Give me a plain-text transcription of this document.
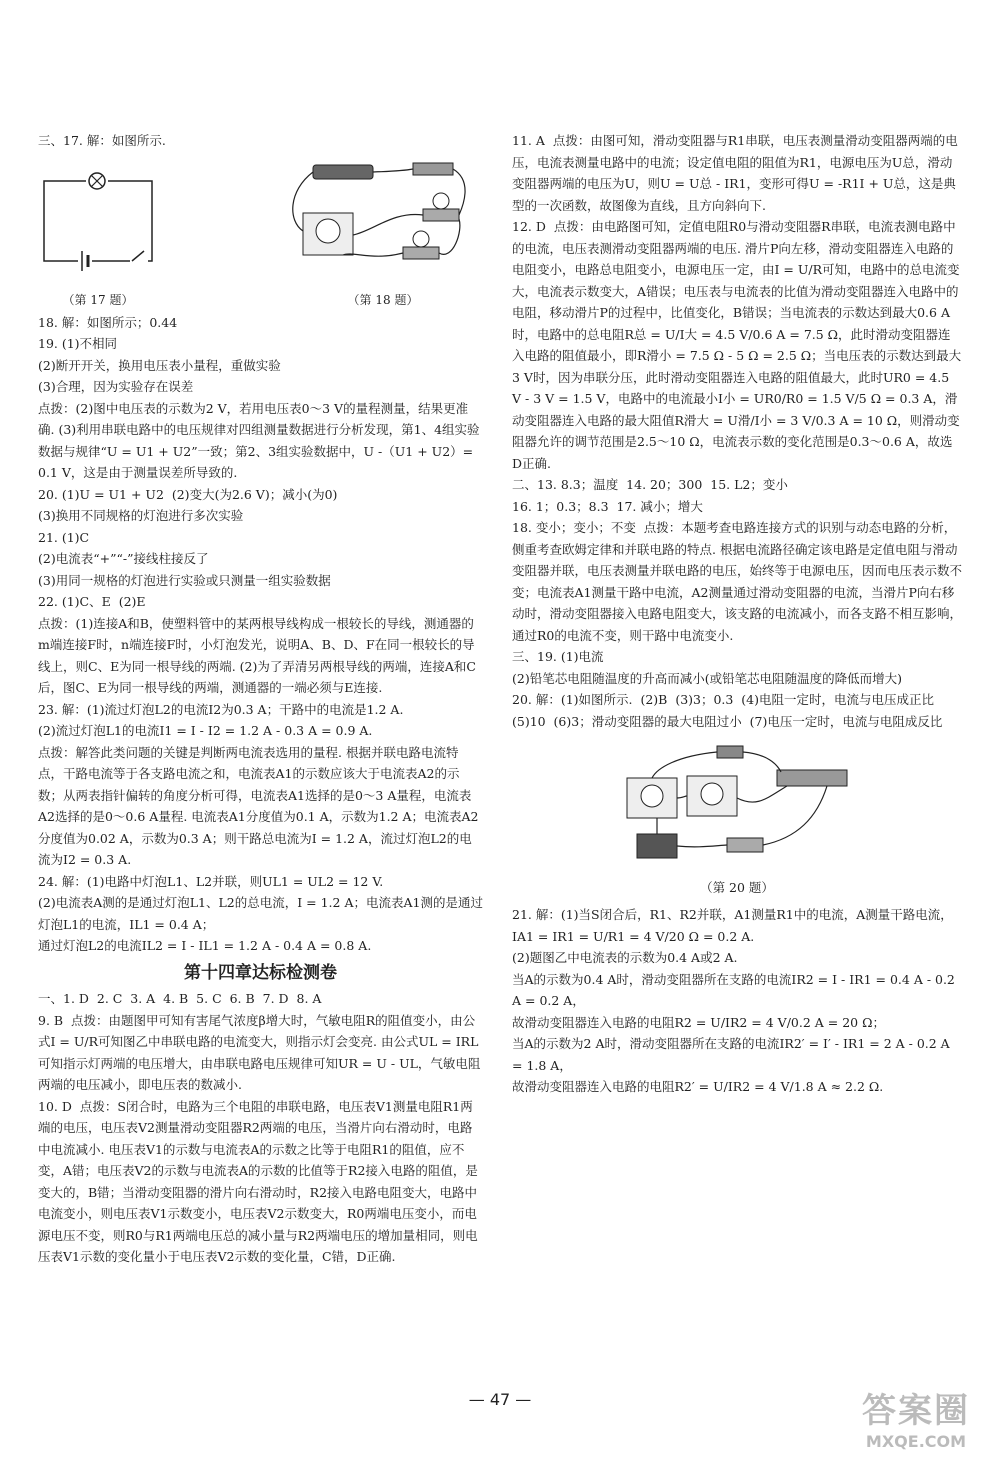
三、17. 解：如图所示.

（第 17 题）	（第 18 题）

18. 解：如图所示；0.44

19. (1)不相同

(2)断开开关，换用电压表小量程，重做实验

(3)合理，因为实验存在误差

点拨：(2)图中电压表的示数为2 V，若用电压表0～3 V的量程测量，结果更准确. (3)利用串联电路中的电压规律对四组测量数据进行分析发现，第1、4组实验数据与规律“U = U1 + U2”一致；第2、3组实验数据中，U -（U1 + U2）= 0.1 V，这是由于测量误差所导致的.

20. (1)U = U1 + U2  (2)变大(为2.6 V)；减小(为0)

(3)换用不同规格的灯泡进行多次实验

21. (1)C

(2)电流表“+”“-”接线柱接反了

(3)用同一规格的灯泡进行实验或只测量一组实验数据

22. (1)C、E  (2)E

点拨：(1)连接A和B，使塑料管中的某两根导线构成一根较长的导线，测通器的m端连接F时，n端连接F时，小灯泡发光，说明A、B、D、F在同一根较长的导线上，则C、E为同一根导线的两端. (2)为了弄清另两根导线的两端，连接A和C后，图C、E为同一根导线的两端，测通器的一端必须与E连接.

23. 解：(1)流过灯泡L2的电流I2为0.3 A；干路中的电流是1.2 A.

(2)流过灯泡L1的电流I1 = I - I2 = 1.2 A - 0.3 A = 0.9 A.

点拨：解答此类问题的关键是判断两电流表选用的量程. 根据并联电路电流特点，干路电流等于各支路电流之和，电流表A1的示数应该大于电流表A2的示数；从两表指针偏转的角度分析可得，电流表A1选择的是0～3 A量程，电流表A2选择的是0～0.6 A量程. 电流表A1分度值为0.1 A，示数为1.2 A；电流表A2分度值为0.02 A，示数为0.3 A；则干路总电流为I = 1.2 A，流过灯泡L2的电流为I2 = 0.3 A.

24. 解：(1)电路中灯泡L1、L2并联，则UL1 = UL2 = 12 V.

(2)电流表A测的是通过灯泡L1、L2的总电流，I = 1.2 A；电流表A1测的是通过灯泡L1的电流，IL1 = 0.4 A；

通过灯泡L2的电流IL2 = I - IL1 = 1.2 A - 0.4 A = 0.8 A.

第十四章达标检测卷

一、1. D  2. C  3. A  4. B  5. C  6. B  7. D  8. A

9. B  点拨：由题图甲可知有害尾气浓度β增大时，气敏电阻R的阻值变小，由公式I = U/R可知图乙中串联电路的电流变大，则指示灯会变亮. 由公式UL = IRL可知指示灯两端的电压增大，由串联电路电压规律可知UR = U - UL，气敏电阻两端的电压减小，即电压表的数减小.

10. D  点拨：S闭合时，电路为三个电阻的串联电路，电压表V1测量电阻R1两端的电压，电压表V2测量滑动变阻器R2两端的电压，当滑片向右滑动时，电路中电流减小. 电压表V1的示数与电流表A的示数之比等于电阻R1的阻值，应不变，A错；电压表V2的示数与电流表A的示数的比值等于R2接入电路的阻值，是变大的，B错；当滑动变阻器的滑片向右滑动时，R2接入电路电阻变大，电路中电流变小，则电压表V1示数变小，电压表V2示数变大，R0两端电压变小，而电源电压不变，则R0与R1两端电压总的减小量与R2两端电压的增加量相同，则电压表V1示数的变化量小于电压表V2示数的变化量，C错，D正确.

11. A  点拨：由图可知，滑动变阻器与R1串联，电压表测量滑动变阻器两端的电压，电流表测量电路中的电流；设定值电阻的阻值为R1，电源电压为U总，滑动变阻器两端的电压为U，则U = U总 - IR1，变形可得U = -R1I + U总，这是典型的一次函数，故图像为直线，且方向斜向下.

12. D  点拨：由电路图可知，定值电阻R0与滑动变阻器R串联，电流表测电路中的电流，电压表测滑动变阻器两端的电压. 滑片P向左移，滑动变阻器连入电路的电阻变小，电路总电阻变小，电源电压一定，由I = U/R可知，电路中的总电流变大，电流表示数变大，A错误；电压表与电流表的比值为滑动变阻器连入电路中的电阻，移动滑片P的过程中，比值变化，B错误；当电流表的示数达到最大0.6 A时，电路中的总电阻R总 = U/I大 = 4.5 V/0.6 A = 7.5 Ω，此时滑动变阻器连入电路的阻值最小，即R滑小 = 7.5 Ω - 5 Ω = 2.5 Ω；当电压表的示数达到最大3 V时，因为串联分压，此时滑动变阻器连入电路的阻值最大，此时UR0 = 4.5 V - 3 V = 1.5 V，电路中的电流最小I小 = UR0/R0 = 1.5 V/5 Ω = 0.3 A，滑动变阻器连入电路的最大阻值R滑大 = U滑/I小 = 3 V/0.3 A = 10 Ω，则滑动变阻器允许的调节范围是2.5～10 Ω，电流表示数的变化范围是0.3～0.6 A，故选D正确.

二、13. 8.3；温度  14. 20；300  15. L2；变小

16. 1；0.3；8.3  17. 减小；增大

18. 变小；变小；不变  点拨：本题考查电路连接方式的识别与动态电路的分析，侧重考查欧姆定律和并联电路的特点. 根据电流路径确定该电路是定值电阻与滑动变阻器并联，电压表测量并联电路的电压，始终等于电源电压，因而电压表示数不变；电流表A1测量干路中电流，A2测量通过滑动变阻器的电流，当滑片P向右移动时，滑动变阻器接入电路电阻变大，该支路的电流减小，而各支路不相互影响，通过R0的电流不变，则干路中电流变小.

三、19. (1)电流

(2)铅笔芯电阻随温度的升高而减小(或铅笔芯电阻随温度的降低而增大)

20. 解：(1)如图所示.  (2)B  (3)3；0.3  (4)电阻一定时，电流与电压成正比  (5)10  (6)3；滑动变阻器的最大电阻过小  (7)电压一定时，电流与电阻成反比

（第 20 题）

21. 解：(1)当S闭合后，R1、R2并联，A1测量R1中的电流，A测量干路电流，IA1 = IR1 = U/R1 = 4 V/20 Ω = 0.2 A.

(2)题图乙中电流表的示数为0.4 A或2 A.

当A的示数为0.4 A时，滑动变阻器所在支路的电流IR2 = I - IR1 = 0.4 A - 0.2 A = 0.2 A，

故滑动变阻器连入电路的电阻R2 = U/IR2 = 4 V/0.2 A = 20 Ω；

当A的示数为2 A时，滑动变阻器所在支路的电流IR2′ = I′ - IR1 = 2 A - 0.2 A = 1.8 A，

故滑动变阻器连入电路的电阻R2′ = U/IR2 = 4 V/1.8 A ≈ 2.2 Ω.

— 47 —	答案圈
MXQE.COM
